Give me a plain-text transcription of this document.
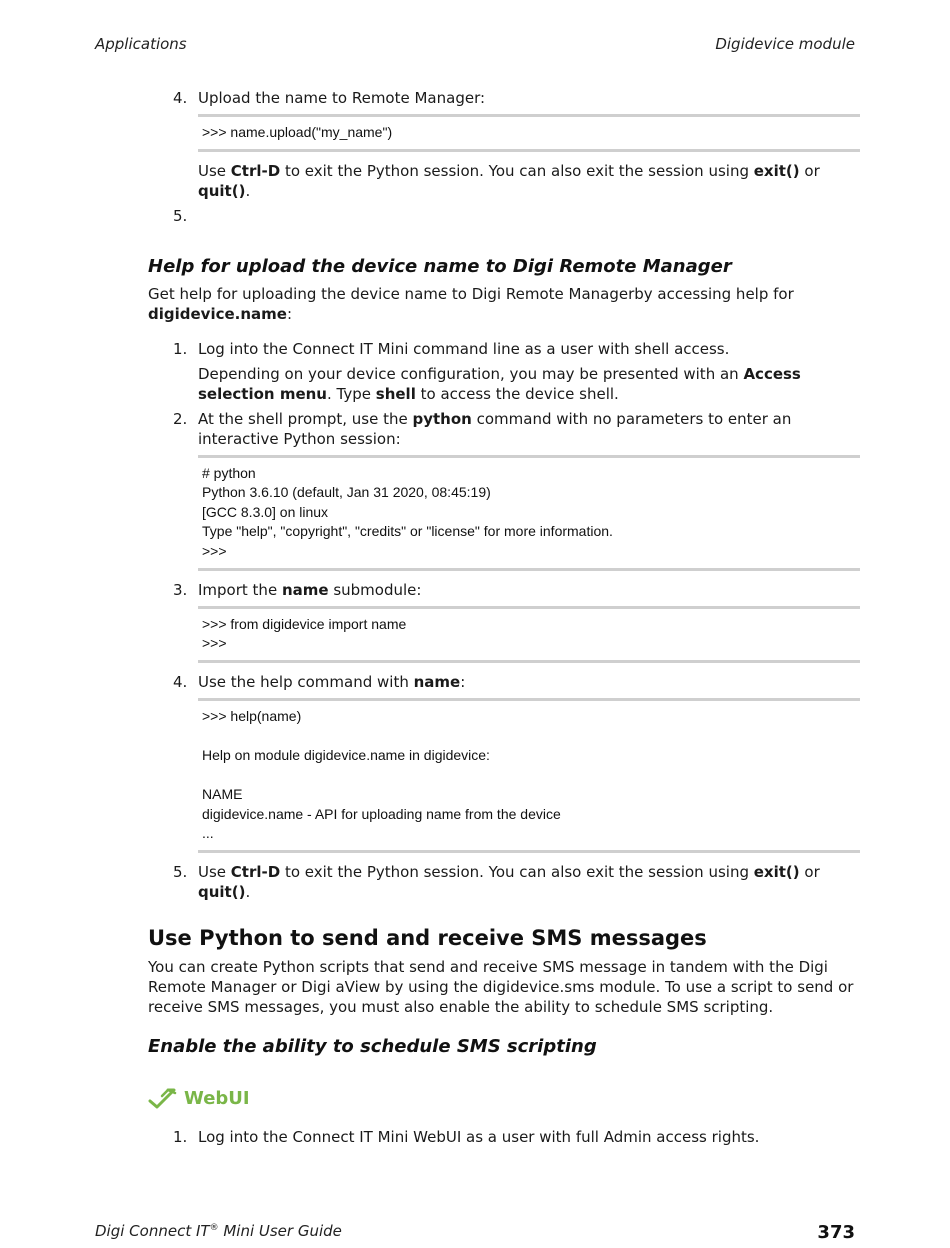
Applications	Digidevice module
4. Upload the name to Remote Manager:

>>> name.upload("my_name")

Use Ctrl-D to exit the Python session. You can also exit the session using exit() or quit().

5.
Help for upload the device name to Digi Remote Manager

Get help for uploading the device name to Digi Remote Managerby accessing help for
digidevice.name:

1. Log into the Connect IT Mini command line as a user with shell access.

Depending on your device configuration, you may be presented with an Access selection menu. Type shell to access the device shell.

2. At the shell prompt, use the python command with no parameters to enter an interactive Python session:

# python
Python 3.6.10 (default, Jan 31 2020, 08:45:19)
[GCC 8.3.0] on linux
Type "help", "copyright", "credits" or "license" for more information.
>>>
3. Import the name submodule:

>>> from digidevice import name
>>>
4. Use the help command with name:

>>> help(name)

Help on module digidevice.name in digidevice:

NAME
digidevice.name - API for uploading name from the device
...
5. Use Ctrl-D to exit the Python session. You can also exit the session using exit() or quit().

Use Python to send and receive SMS messages

You can create Python scripts that send and receive SMS message in tandem with the Digi Remote Manager or Digi aView by using the digidevice.sms module. To use a script to send or receive SMS messages, you must also enable the ability to schedule SMS scripting.

Enable the ability to schedule SMS scripting
WebUI
1. Log into the Connect IT Mini WebUI as a user with full Admin access rights.

Digi Connect IT® Mini User Guide	373
